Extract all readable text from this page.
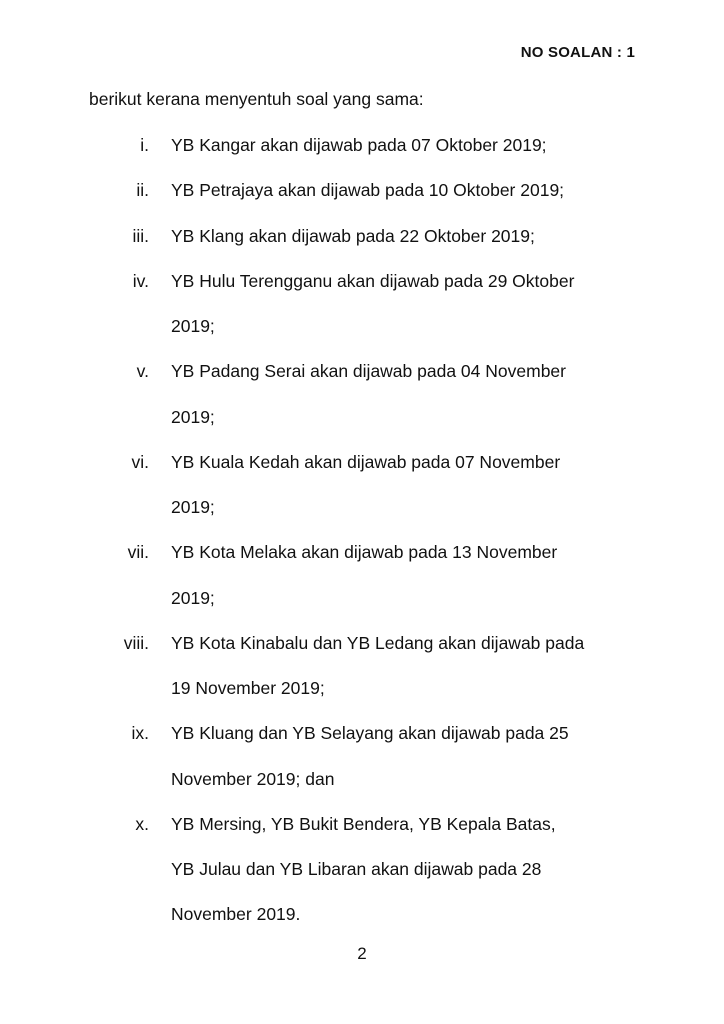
NO SOALAN : 1
berikut kerana menyentuh soal yang sama:
i. YB Kangar akan dijawab pada 07 Oktober 2019;
ii. YB Petrajaya akan dijawab pada 10 Oktober 2019;
iii. YB Klang akan dijawab pada 22 Oktober 2019;
iv. YB Hulu Terengganu akan dijawab pada 29 Oktober
2019;
v. YB Padang Serai akan dijawab pada 04 November
2019;
vi. YB Kuala Kedah akan dijawab pada 07 November
2019;
vii. YB Kota Melaka akan dijawab pada 13 November
2019;
viii. YB Kota Kinabalu dan YB Ledang akan dijawab pada
19 November 2019;
ix. YB Kluang dan YB Selayang akan dijawab pada 25
November 2019; dan
x. YB Mersing, YB Bukit Bendera, YB Kepala Batas,
YB Julau dan YB Libaran akan dijawab pada 28
November 2019.
2
